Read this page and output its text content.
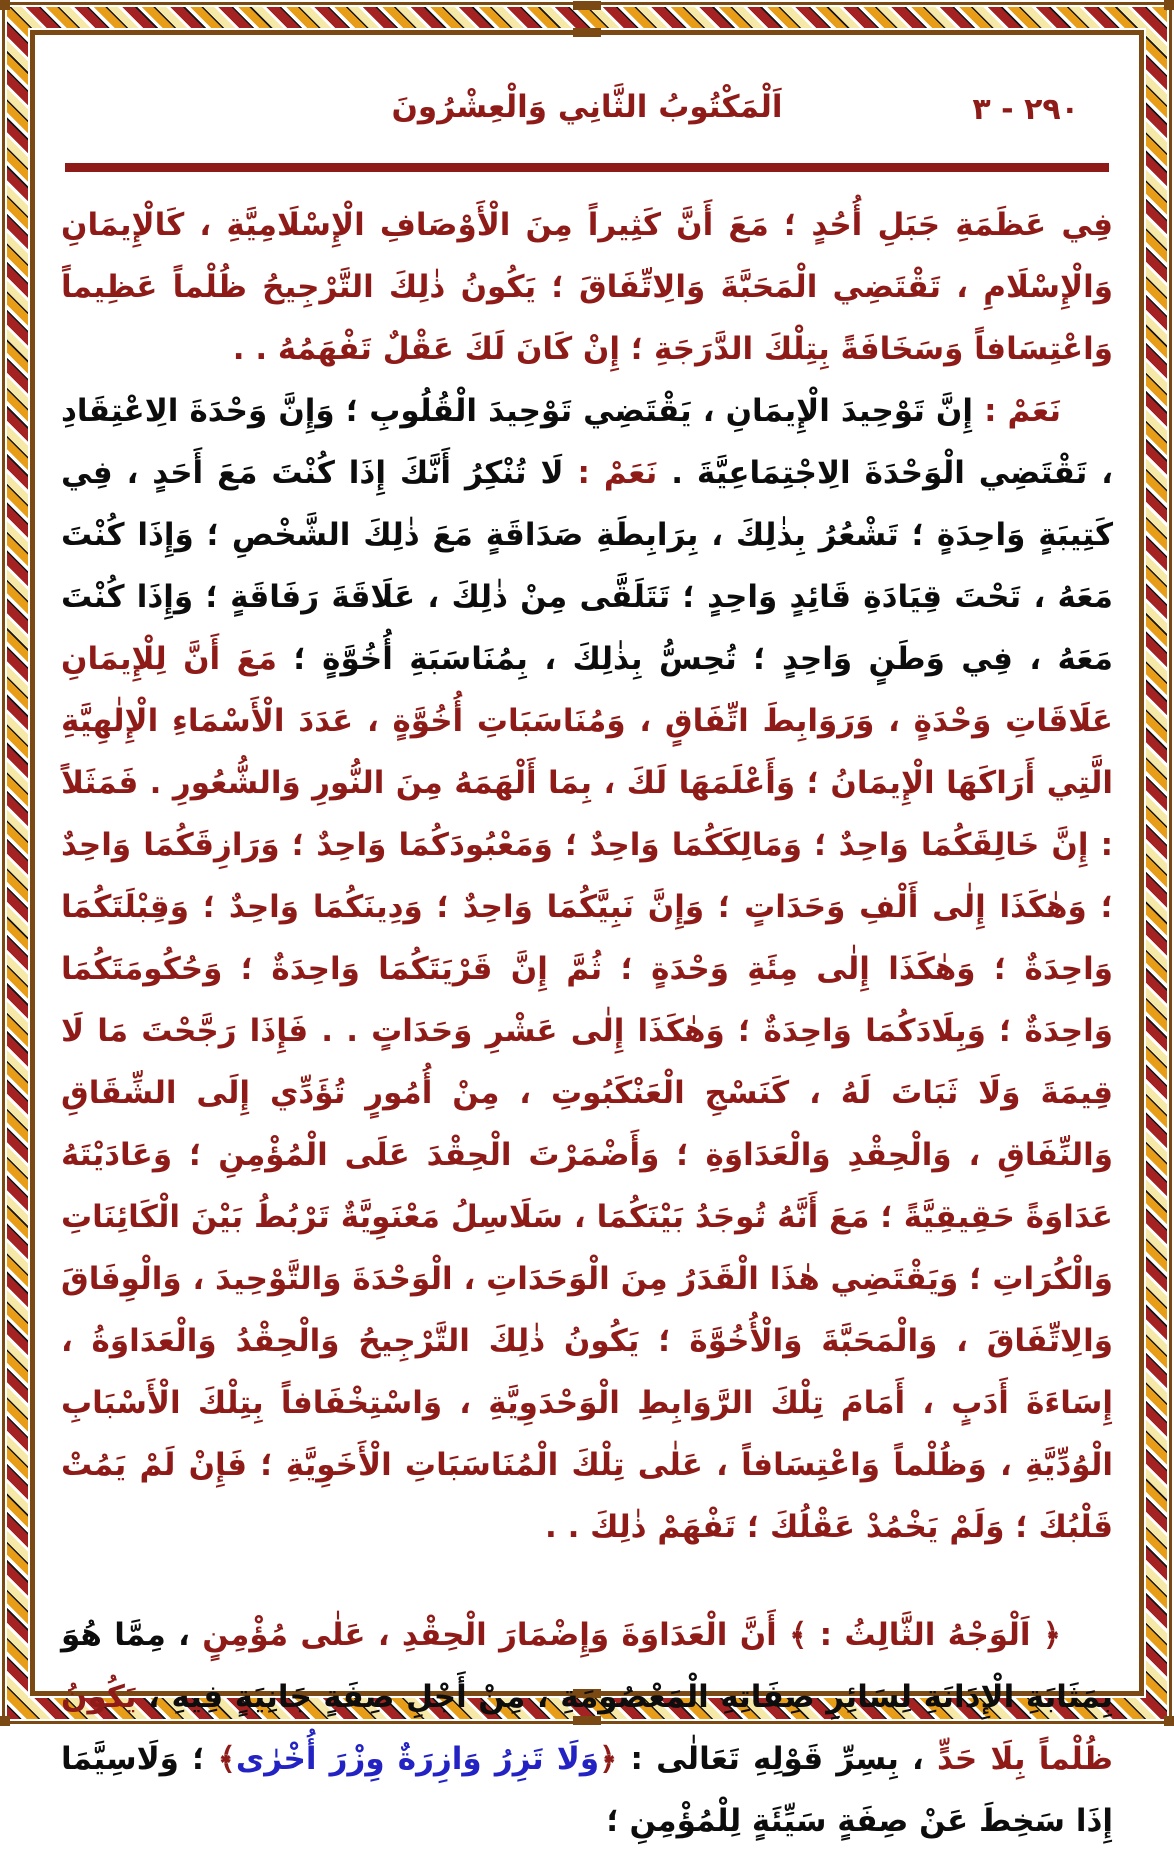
اَلْمَكْتُوبُ الثَّانِي وَالْعِشْرُونَ	٢٩٠ - ٣

فِي عَظَمَةِ جَبَلِ أُحُدٍ ؛ مَعَ أَنَّ كَثِيراً مِنَ الْأَوْصَافِ الْإِسْلَامِيَّةِ ، كَالْإِيمَانِ وَالْإِسْلَامِ ، تَقْتَضِي الْمَحَبَّةَ وَالِاتِّفَاقَ ؛ يَكُونُ ذٰلِكَ التَّرْجِيحُ ظُلْماً عَظِيماً وَاعْتِسَافاً وَسَخَافَةً بِتِلْكَ الدَّرَجَةِ ؛ إِنْ كَانَ لَكَ عَقْلٌ تَفْهَمُهُ . .

نَعَمْ : إِنَّ تَوْحِيدَ الْإِيمَانِ ، يَقْتَضِي تَوْحِيدَ الْقُلُوبِ ؛ وَإِنَّ وَحْدَةَ الِاعْتِقَادِ ، تَقْتَضِي الْوَحْدَةَ الِاجْتِمَاعِيَّةَ . نَعَمْ : لَا تُنْكِرُ أَنَّكَ إِذَا كُنْتَ مَعَ أَحَدٍ ، فِي كَتِيبَةٍ وَاحِدَةٍ ؛ تَشْعُرُ بِذٰلِكَ ، بِرَابِطَةِ صَدَاقَةٍ مَعَ ذٰلِكَ الشَّخْصِ ؛ وَإِذَا كُنْتَ مَعَهُ ، تَحْتَ قِيَادَةِ قَائِدٍ وَاحِدٍ ؛ تَتَلَقَّى مِنْ ذٰلِكَ ، عَلَاقَةَ رَفَاقَةٍ ؛ وَإِذَا كُنْتَ مَعَهُ ، فِي وَطَنٍ وَاحِدٍ ؛ تُحِسُّ بِذٰلِكَ ، بِمُنَاسَبَةِ أُخُوَّةٍ ؛ مَعَ أَنَّ لِلْإِيمَانِ عَلَاقَاتِ وَحْدَةٍ ، وَرَوَابِطَ اتِّفَاقٍ ، وَمُنَاسَبَاتِ أُخُوَّةٍ ، عَدَدَ الْأَسْمَاءِ الْإِلٰهِيَّةِ الَّتِي أَرَاكَهَا الْإِيمَانُ ؛ وَأَعْلَمَهَا لَكَ ، بِمَا أَلْهَمَهُ مِنَ النُّورِ وَالشُّعُورِ . فَمَثَلاً : إِنَّ خَالِقَكُمَا وَاحِدٌ ؛ وَمَالِكَكُمَا وَاحِدٌ ؛ وَمَعْبُودَكُمَا وَاحِدٌ ؛ وَرَازِقَكُمَا وَاحِدٌ ؛ وَهٰكَذَا إِلٰى أَلْفِ وَحَدَاتٍ ؛ وَإِنَّ نَبِيَّكُمَا وَاحِدٌ ؛ وَدِينَكُمَا وَاحِدٌ ؛ وَقِبْلَتَكُمَا وَاحِدَةٌ ؛ وَهٰكَذَا إِلٰى مِئَةِ وَحْدَةٍ ؛ ثُمَّ إِنَّ قَرْيَتَكُمَا وَاحِدَةٌ ؛ وَحُكُومَتَكُمَا وَاحِدَةٌ ؛ وَبِلَادَكُمَا وَاحِدَةٌ ؛ وَهٰكَذَا إِلٰى عَشْرِ وَحَدَاتٍ . . فَإِذَا رَجَّحْتَ مَا لَا قِيمَةَ وَلَا ثَبَاتَ لَهُ ، كَنَسْجِ الْعَنْكَبُوتِ ، مِنْ أُمُورٍ تُؤَدِّي إِلَى الشِّقَاقِ وَالنِّفَاقِ ، وَالْحِقْدِ وَالْعَدَاوَةِ ؛ وَأَضْمَرْتَ الْحِقْدَ عَلَى الْمُؤْمِنِ ؛ وَعَادَيْتَهُ عَدَاوَةً حَقِيقِيَّةً ؛ مَعَ أَنَّهُ تُوجَدُ بَيْنَكُمَا ، سَلَاسِلُ مَعْنَوِيَّةٌ تَرْبُطُ بَيْنَ الْكَائِنَاتِ وَالْكُرَاتِ ؛ وَيَقْتَضِي هٰذَا الْقَدَرُ مِنَ الْوَحَدَاتِ ، الْوَحْدَةَ وَالتَّوْحِيدَ ، وَالْوِفَاقَ وَالِاتِّفَاقَ ، وَالْمَحَبَّةَ وَالْأُخُوَّةَ ؛ يَكُونُ ذٰلِكَ التَّرْجِيحُ وَالْحِقْدُ وَالْعَدَاوَةُ ، إِسَاءَةَ أَدَبٍ ، أَمَامَ تِلْكَ الرَّوَابِطِ الْوَحْدَوِيَّةِ ، وَاسْتِخْفَافاً بِتِلْكَ الْأَسْبَابِ الْوُدِّيَّةِ ، وَظُلْماً وَاعْتِسَافاً ، عَلٰى تِلْكَ الْمُنَاسَبَاتِ الْأَخَوِيَّةِ ؛ فَإِنْ لَمْ يَمُتْ قَلْبُكَ ؛ وَلَمْ يَخْمُدْ عَقْلُكَ ؛ تَفْهَمْ ذٰلِكَ . .

﴿ اَلْوَجْهُ الثَّالِثُ : ﴾ أَنَّ الْعَدَاوَةَ وَإِضْمَارَ الْحِقْدِ ، عَلٰى مُؤْمِنٍ ، مِمَّا هُوَ بِمَثَابَةِ الْإِدَانَةِ لِسَائِرِ صِفَاتِهِ الْمَعْصُومَةِ ، مِنْ أَجْلِ صِفَةٍ جَانِيَةٍ فِيهِ ، يَكُونُ ظُلْماً بِلَا حَدٍّ ، بِسِرِّ قَوْلِهِ تَعَالٰى : ﴿وَلَا تَزِرُ وَازِرَةٌ وِزْرَ أُخْرٰى﴾ ؛ وَلَاسِيَّمَا إِذَا سَخِطَ عَنْ صِفَةٍ سَيِّئَةٍ لِلْمُؤْمِنِ ؛
